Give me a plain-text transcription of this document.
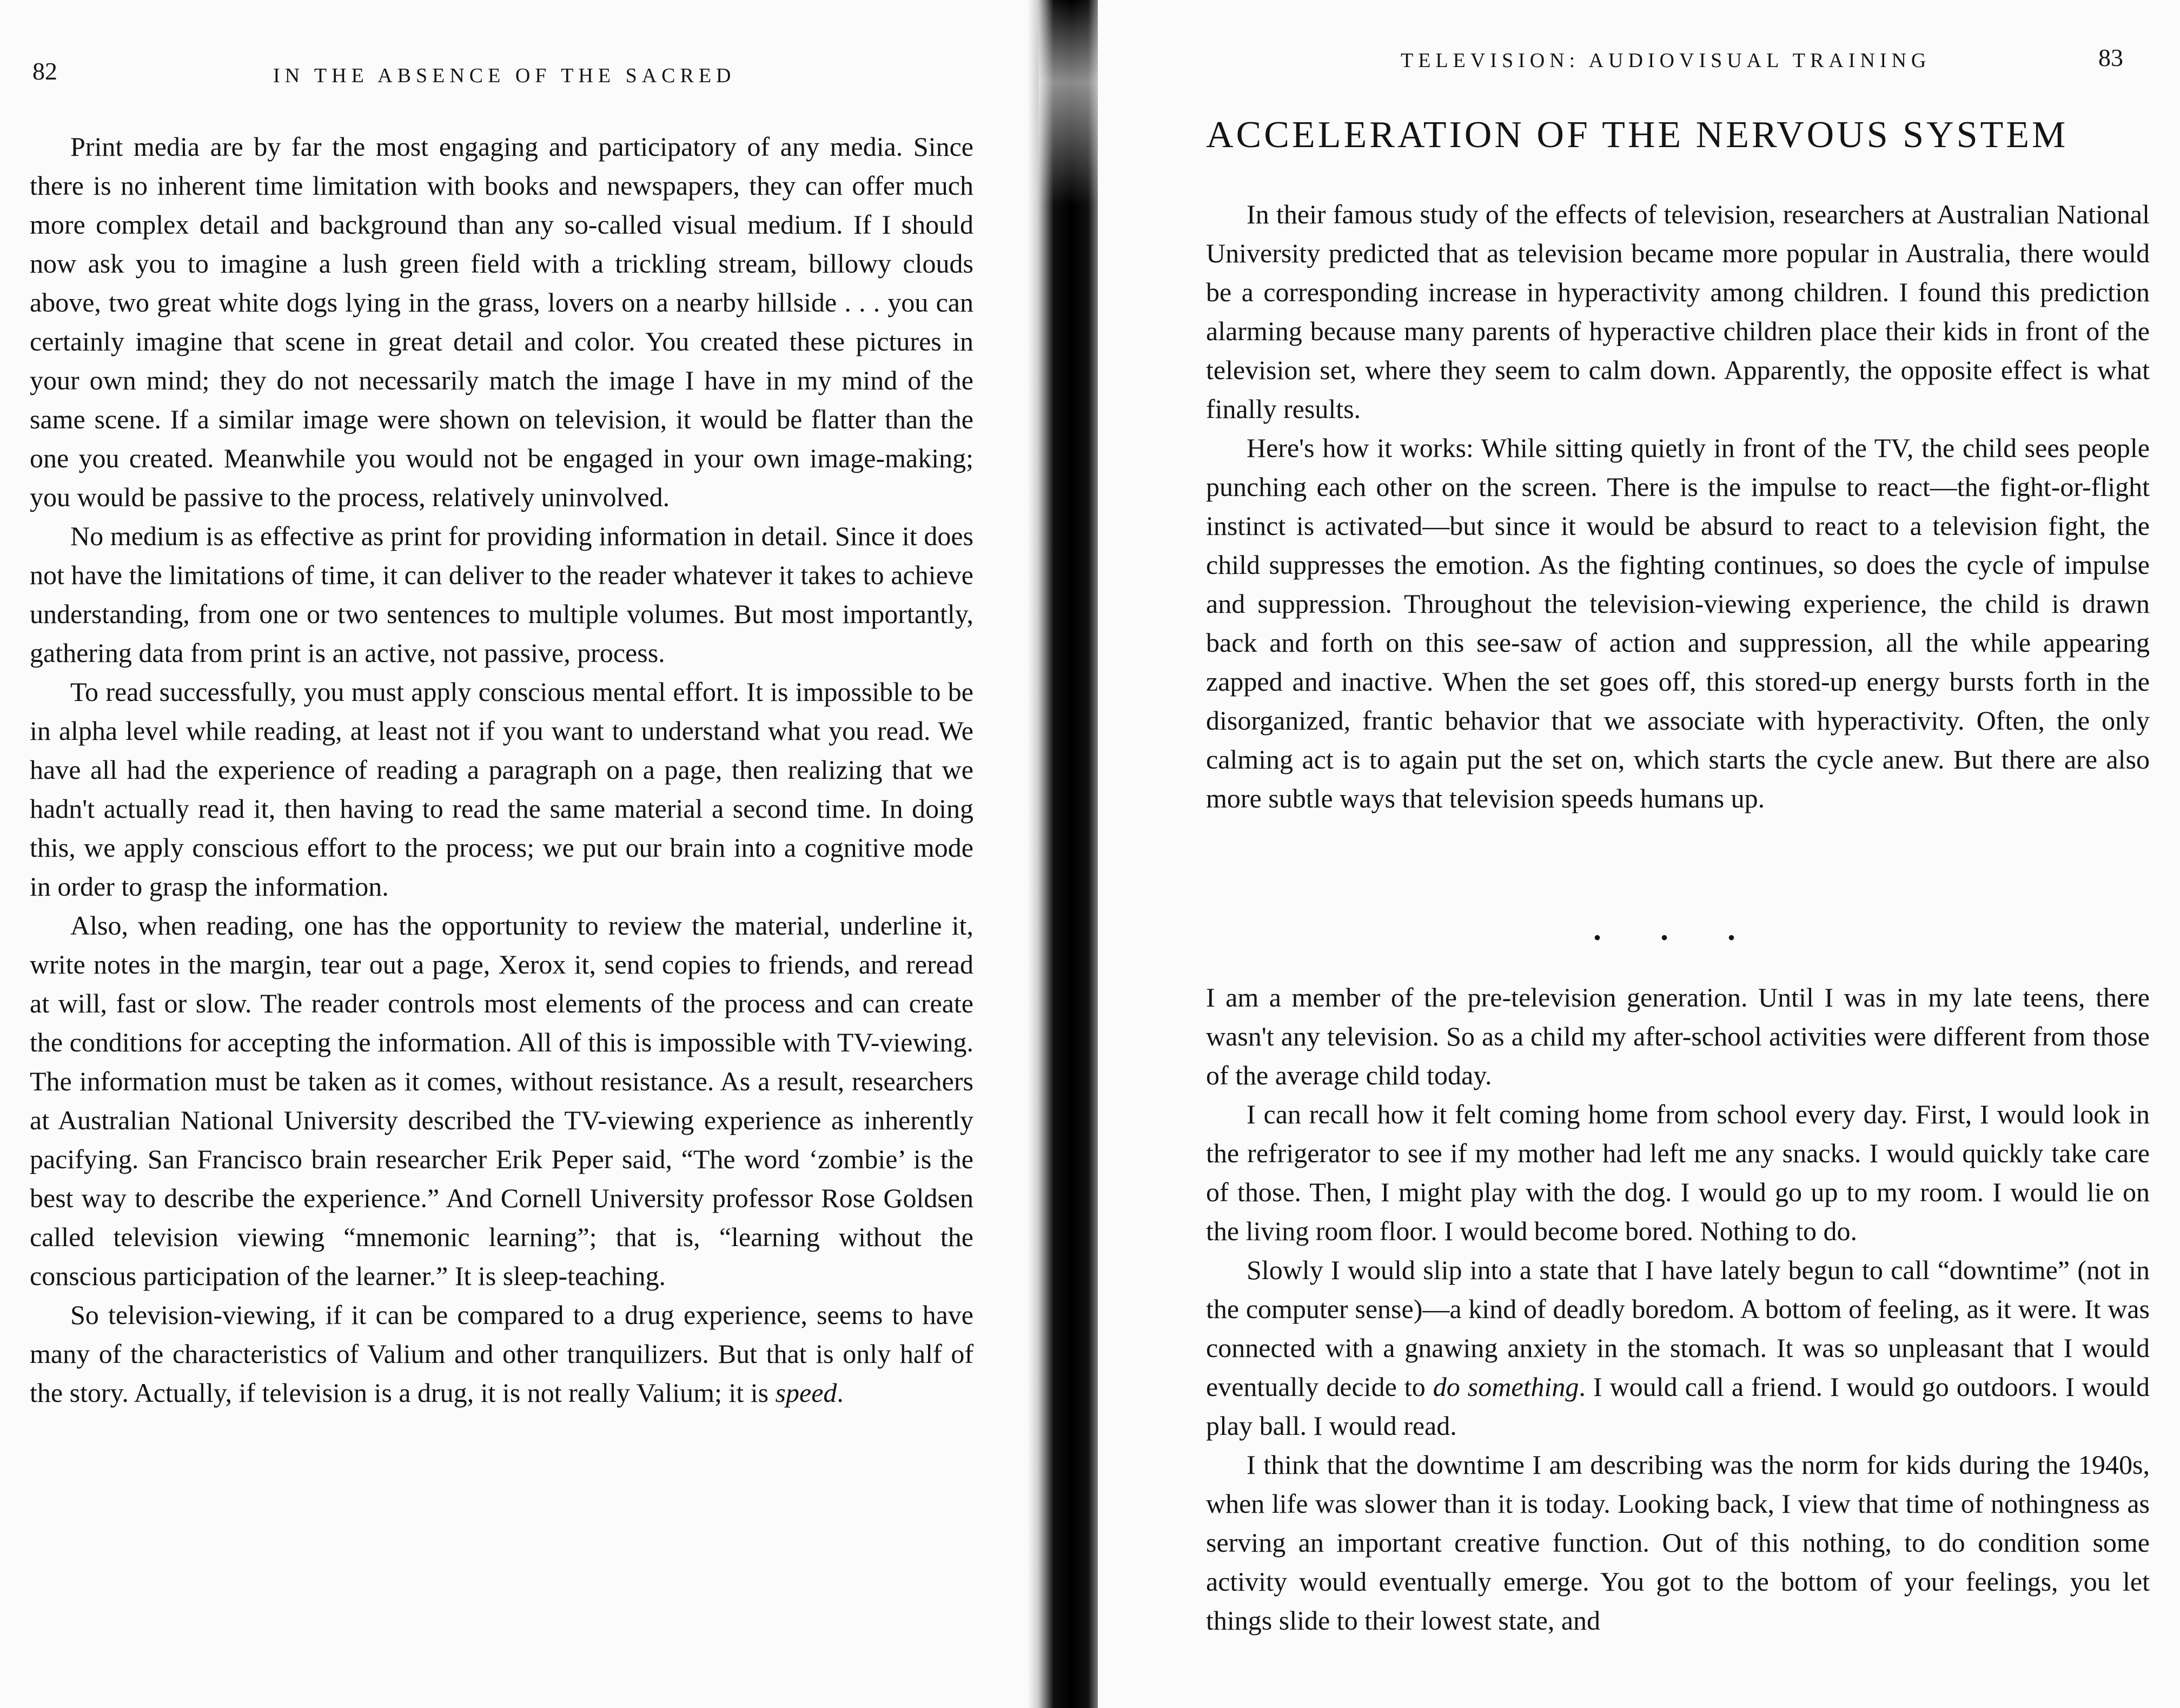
82	IN THE ABSENCE OF THE SACRED

Print media are by far the most engaging and participatory of any media. Since there is no inherent time limitation with books and newspapers, they can offer much more complex detail and background than any so-called visual medium. If I should now ask you to imagine a lush green field with a trickling stream, billowy clouds above, two great white dogs lying in the grass, lovers on a nearby hillside . . . you can certainly imagine that scene in great detail and color. You created these pictures in your own mind; they do not necessarily match the image I have in my mind of the same scene. If a similar image were shown on television, it would be flatter than the one you created. Meanwhile you would not be engaged in your own image-making; you would be passive to the process, relatively uninvolved.

No medium is as effective as print for providing information in detail. Since it does not have the limitations of time, it can deliver to the reader whatever it takes to achieve understanding, from one or two sentences to multiple volumes. But most importantly, gathering data from print is an active, not passive, process.

To read successfully, you must apply conscious mental effort. It is impossible to be in alpha level while reading, at least not if you want to understand what you read. We have all had the experience of reading a paragraph on a page, then realizing that we hadn't actually read it, then having to read the same material a second time. In doing this, we apply conscious effort to the process; we put our brain into a cognitive mode in order to grasp the information.

Also, when reading, one has the opportunity to review the material, underline it, write notes in the margin, tear out a page, Xerox it, send copies to friends, and reread at will, fast or slow. The reader controls most elements of the process and can create the conditions for accepting the information. All of this is impossible with TV-viewing. The information must be taken as it comes, without resistance. As a result, researchers at Australian National University described the TV-viewing experience as inherently pacifying. San Francisco brain researcher Erik Peper said, “The word ‘zombie’ is the best way to describe the experience.” And Cornell University professor Rose Goldsen called television viewing “mnemonic learning”; that is, “learning without the conscious participation of the learner.” It is sleep-teaching.

So television-viewing, if it can be compared to a drug experience, seems to have many of the characteristics of Valium and other tranquilizers. But that is only half of the story. Actually, if television is a drug, it is not really Valium; it is speed.

TELEVISION: AUDIOVISUAL TRAINING	83
ACCELERATION OF THE NERVOUS SYSTEM

In their famous study of the effects of television, researchers at Australian National University predicted that as television became more popular in Australia, there would be a corresponding increase in hyperactivity among children. I found this prediction alarming because many parents of hyperactive children place their kids in front of the television set, where they seem to calm down. Apparently, the opposite effect is what finally results.

Here's how it works: While sitting quietly in front of the TV, the child sees people punching each other on the screen. There is the impulse to react—the fight-or-flight instinct is activated—but since it would be absurd to react to a television fight, the child suppresses the emotion. As the fighting continues, so does the cycle of impulse and suppression. Throughout the television-viewing experience, the child is drawn back and forth on this see-saw of action and suppression, all the while appearing zapped and inactive. When the set goes off, this stored-up energy bursts forth in the disorganized, frantic behavior that we associate with hyperactivity. Often, the only calming act is to again put the set on, which starts the cycle anew. But there are also more subtle ways that television speeds humans up.

• • •

I am a member of the pre-television generation. Until I was in my late teens, there wasn't any television. So as a child my after-school activities were different from those of the average child today.

I can recall how it felt coming home from school every day. First, I would look in the refrigerator to see if my mother had left me any snacks. I would quickly take care of those. Then, I might play with the dog. I would go up to my room. I would lie on the living room floor. I would become bored. Nothing to do.

Slowly I would slip into a state that I have lately begun to call “downtime” (not in the computer sense)—a kind of deadly boredom. A bottom of feeling, as it were. It was connected with a gnawing anxiety in the stomach. It was so unpleasant that I would eventually decide to do something. I would call a friend. I would go outdoors. I would play ball. I would read.

I think that the downtime I am describing was the norm for kids during the 1940s, when life was slower than it is today. Looking back, I view that time of nothingness as serving an important creative function. Out of this nothing, to do condition some activity would eventually emerge. You got to the bottom of your feelings, you let things slide to their lowest state, and
